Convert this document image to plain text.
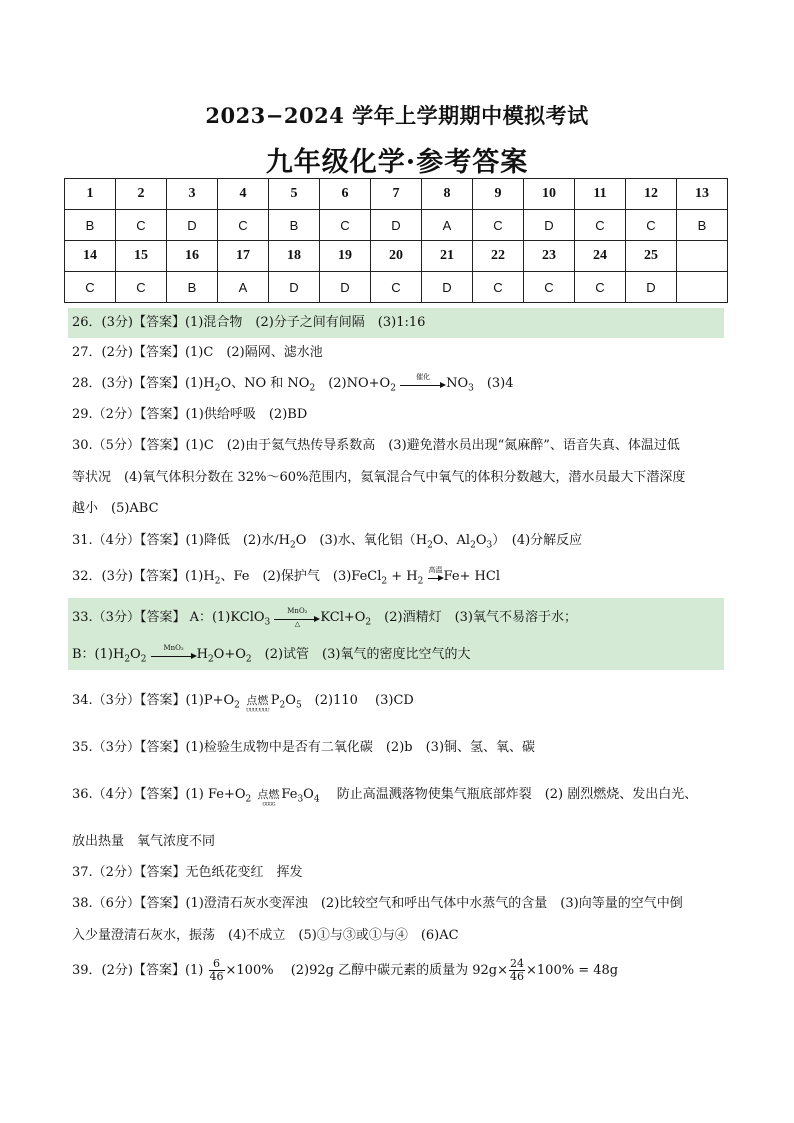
2023−2024 学年上学期期中模拟考试
九年级化学·参考答案
1	2	3	4	5	6	7	8	9	10	11	12	13
B	C	D	C	B	C	D	A	C	D	C	C	B
14	15	16	17	18	19	20	21	22	23	24	25	
C	C	B	A	D	D	C	D	C	C	C	D	
26．(3分)【答案】(1)混合物　(2)分子之间有间隔　(3)1:16
27．(2分)【答案】(1)C　(2)隔网、滤水池
28．(3分)【答案】$(1)H_2O$、NO 和 $NO_2$　$(2)NO+O_2$
催化	$NO_3$　(3)4
29.（2分）【答案】(1)供给呼吸　(2)BD
30.（5分）【答案】(1)C　(2)由于氦气热传导系数高　(3)避免潜水员出现“氮麻醉”、语音失真、体温过低
等状况　(4)氧气体积分数在 32%～60%范围内，氦氧混合气中氧气的体积分数越大，潜水员最大下潜深度
越小　(5)ABC
31.（4分）【答案】(1)降低　(2)水$/H_2O$　(3)水、氧化铝（$H_2O$、$Al_2O_3$）　(4)分解反应
32．(3分)【答案】$(1)H_2$、Fe　(2)保护气　(3)FeCl$_2$ + $H_2$
高温 Fe+ HCl
33.（3分）【答案】 A：(1)KClO$_3$
MnO₂
△	$KCl+O_2$　(2)酒精灯　(3)氧气不易溶于水；
B：$(1)H_2O_2$
MnO₂ $H_2O+O_2$　(2)试管　(3)氧气的密度比空气的大
34.（3分）【答案】$(1)P+O_2$ 点燃
ᵁᵁᵁᵁᵁᵁᵁ
$P_2O_5$　(2)110　 (3)CD
35.（3分）【答案】(1)检验生成物中是否有二氧化碳　(2)b　(3)铜、氢、氧、碳
36.（4分）【答案】(1) $Fe+O_2$ 点燃
ᴳᴳᴳᴳ
$Fe_3O_4$　 防止高温溅落物使集气瓶底部炸裂　(2) 剧烈燃烧、发出白光、
放出热量　氧气浓度不同
37.（2分）【答案】无色纸花变红　挥发
38.（6分）【答案】(1)澄清石灰水变浑浊　(2)比较空气和呼出气体中水蒸气的含量　(3)向等量的空气中倒
入少量澄清石灰水，振荡　(4)不成立　(5)①与③或①与④　(6)AC
39．(2分)【答案】$(1) \frac{6}{46} \times 100\%$　 (2)92g 乙醇中碳元素的质量为 $92g\times \frac{24}{46} \times 100\% = 48g$
